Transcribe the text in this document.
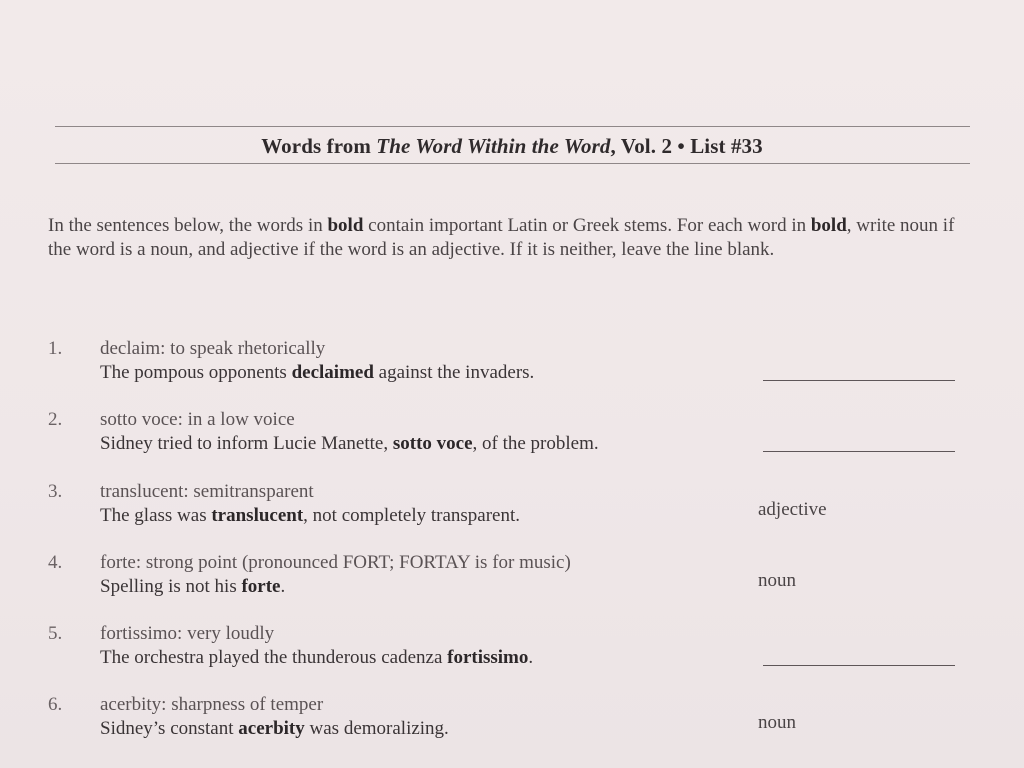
Words from The Word Within the Word, Vol. 2 • List #33
In the sentences below, the words in bold contain important Latin or Greek stems. For each word in bold, write noun if the word is a noun, and adjective if the word is an adjective. If it is neither, leave the line blank.
1. declaim: to speak rhetorically
The pompous opponents declaimed against the invaders.
2. sotto voce: in a low voice
Sidney tried to inform Lucie Manette, sotto voce, of the problem.
3. translucent: semitransparent
The glass was translucent, not completely transparent.	adjective
4. forte: strong point (pronounced FORT; FORTAY is for music)
Spelling is not his forte.	noun
5. fortissimo: very loudly
The orchestra played the thunderous cadenza fortissimo.
6. acerbity: sharpness of temper
Sidney’s constant acerbity was demoralizing.	noun
